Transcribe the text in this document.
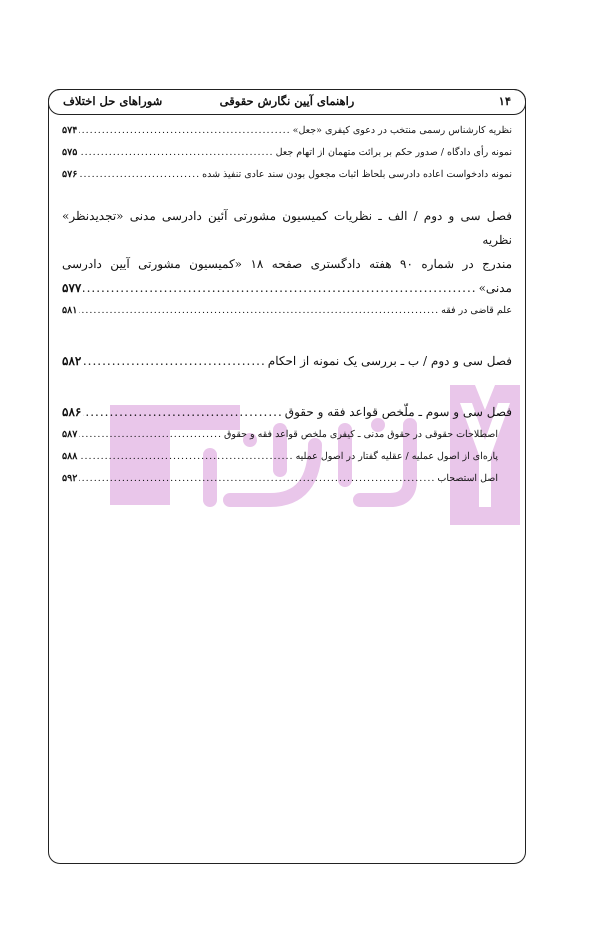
۱۴
راهنمای آیین نگارش حقوقی
شوراهای حل اختلاف
نظریه کارشناس رسمی منتخب در دعوی کیفری «جعل»
.....
۵۷۴
نمونه رأی دادگاه / صدور حکم بر برائت متهمان از اتهام جعل
.....
۵۷۵
نمونه دادخواست اعاده دادرسی بلحاظ اثبات مجعول بودن سند عادی تنفیذ شده
.....
۵۷۶
فصل سی و دوم / الف ـ نظریات کمیسیون مشورتی آئین دادرسی مدنی «تجدیدنظر» نظریه
مندرج در شماره ۹۰ هفته دادگستری صفحه ۱۸ «کمیسیون مشورتی آیین دادرسی
مدنی»
.....
۵۷۷
علم قاضی در فقه
.....
۵۸۱
فصل سی و دوم / ب ـ بررسی یک نمونه از احکام
.....
۵۸۲
فصل سی و سوم ـ ملّخص قواعد فقه و حقوق
.....
۵۸۶
اصطلاحات حقوقی در حقوق مدنی ـ کیفری ملخص قواعد فقه و حقوق
.....
۵۸۷
پاره‌ای از اصول عملیه / عقلیه گفتار در اصول عملیه
.....
۵۸۸
اصل استصحاب
.....
۵۹۲
